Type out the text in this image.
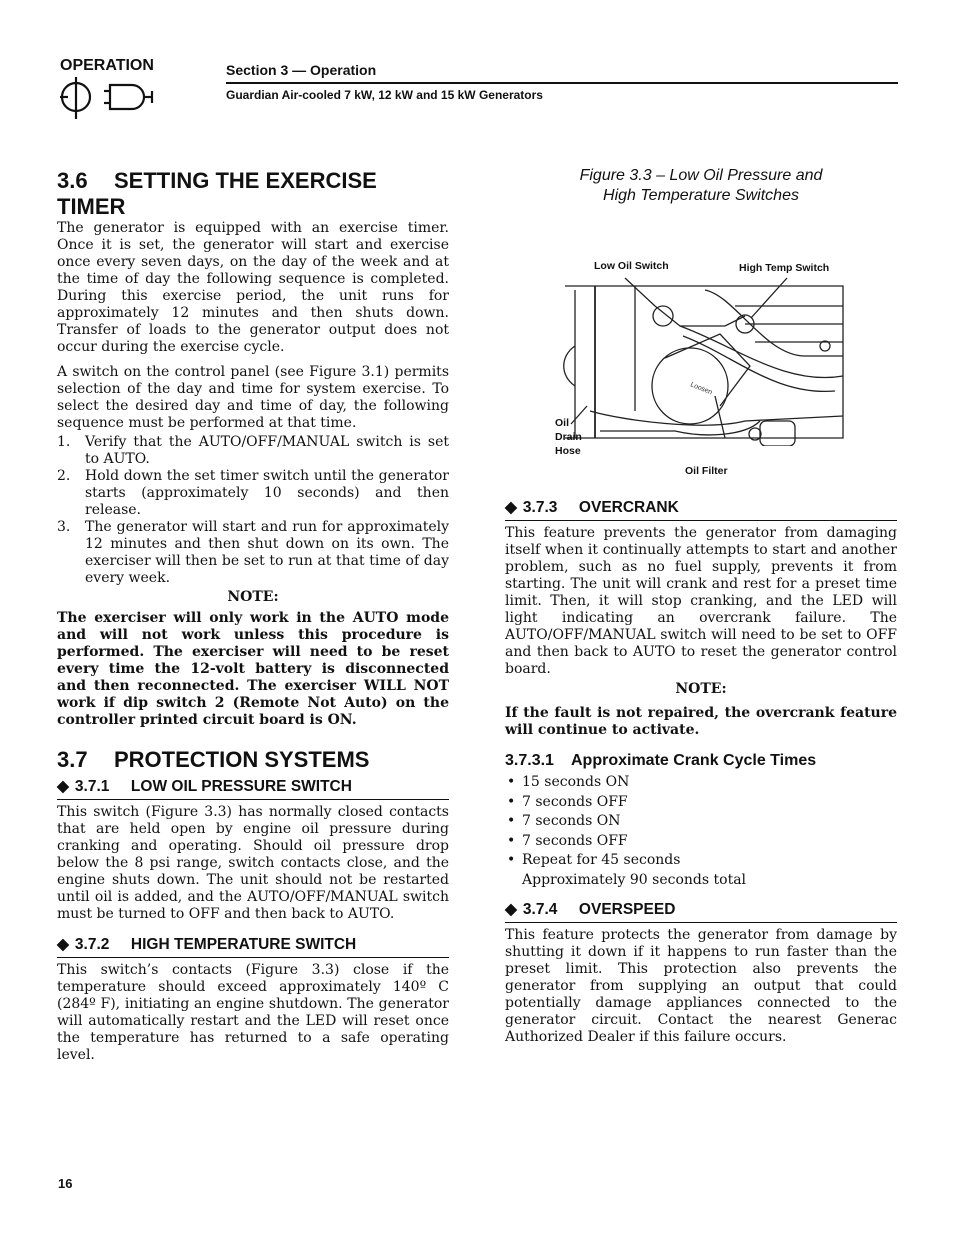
OPERATION	Section 3 — Operation
Guardian Air-cooled 7 kW, 12 kW and 15 kW Generators
3.6 SETTING THE EXERCISE TIMER

The generator is equipped with an exercise timer. Once it is set, the generator will start and exercise once every seven days, on the day of the week and at the time of day the following sequence is completed. During this exercise period, the unit runs for approximately 12 minutes and then shuts down. Transfer of loads to the generator output does not occur during the exercise cycle.

A switch on the control panel (see Figure 3.1) permits selection of the day and time for system exercise. To select the desired day and time of day, the following sequence must be performed at that time.

1. Verify that the AUTO/OFF/MANUAL switch is set to AUTO.
2. Hold down the set timer switch until the generator starts (approximately 10 seconds) and then release.
3. The generator will start and run for approximately 12 minutes and then shut down on its own. The exerciser will then be set to run at that time of day every week.
NOTE:

The exerciser will only work in the AUTO mode and will not work unless this procedure is performed. The exerciser will need to be reset every time the 12-volt battery is disconnected and then reconnected. The exerciser WILL NOT work if dip switch 2 (Remote Not Auto) on the controller printed circuit board is ON.

3.7 PROTECTION SYSTEMS
◆ 3.7.1 LOW OIL PRESSURE SWITCH

This switch (Figure 3.3) has normally closed contacts that are held open by engine oil pressure during cranking and operating. Should oil pressure drop below the 8 psi range, switch contacts close, and the engine shuts down. The unit should not be restarted until oil is added, and the AUTO/OFF/MANUAL switch must be turned to OFF and then back to AUTO.

◆ 3.7.2 HIGH TEMPERATURE SWITCH

This switch’s contacts (Figure 3.3) close if the temperature should exceed approximately 140º C (284º F), initiating an engine shutdown. The generator will automatically restart and the LED will reset once the temperature has returned to a safe operating level.

Figure 3.3 – Low Oil Pressure and
High Temperature Switches
Loosen
Low Oil Switch	High Temp Switch
Oil
Drain
Hose
Oil Filter
◆ 3.7.3 OVERCRANK

This feature prevents the generator from damaging itself when it continually attempts to start and another problem, such as no fuel supply, prevents it from starting. The unit will crank and rest for a preset time limit. Then, it will stop cranking, and the LED will light indicating an overcrank failure. The AUTO/OFF/MANUAL switch will need to be set to OFF and then back to AUTO to reset the generator control board.

NOTE:

If the fault is not repaired, the overcrank feature will continue to activate.

3.7.3.1 Approximate Crank Cycle Times
• 15 seconds ON
• 7 seconds OFF
• 7 seconds ON
• 7 seconds OFF
• Repeat for 45 seconds
Approximately 90 seconds total
◆ 3.7.4 OVERSPEED

This feature protects the generator from damage by shutting it down if it happens to run faster than the preset limit. This protection also prevents the generator from supplying an output that could potentially damage appliances connected to the generator circuit. Contact the nearest Generac Authorized Dealer if this failure occurs.

16
